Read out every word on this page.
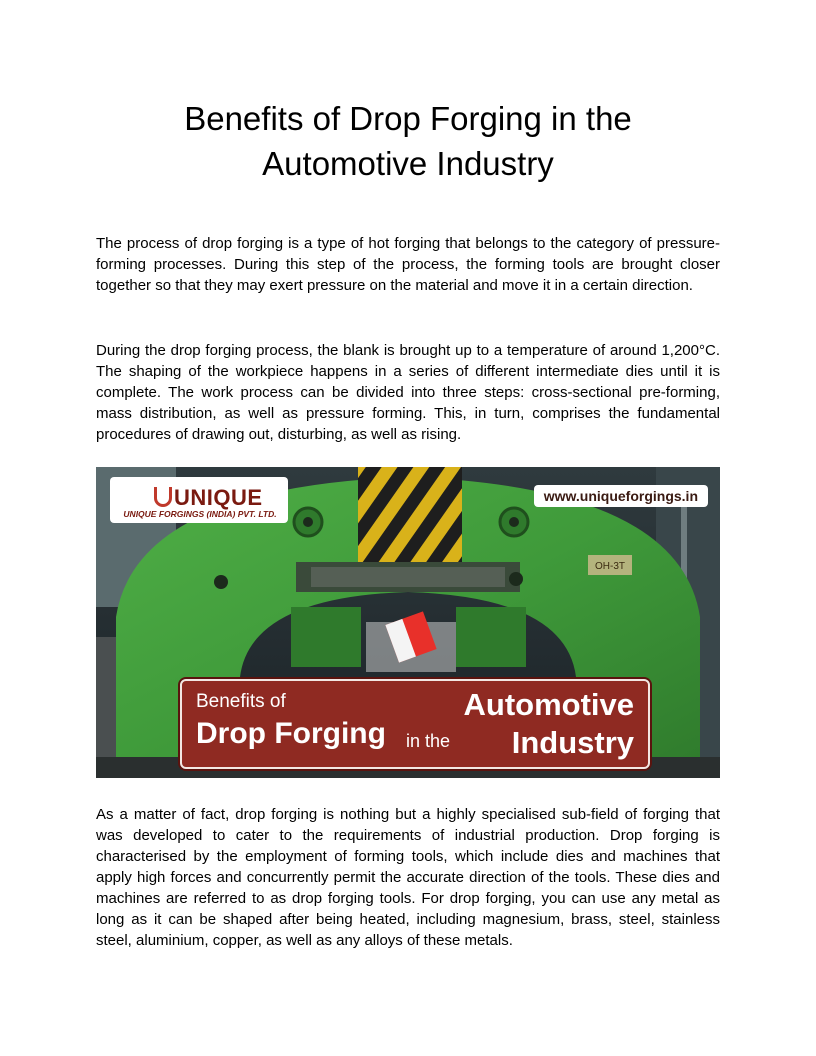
Benefits of Drop Forging in the
Automotive Industry

The process of drop forging is a type of hot forging that belongs to the category of pressure-forming processes. During this step of the process, the forming tools are brought closer together so that they may exert pressure on the material and move it in a certain direction.

During the drop forging process, the blank is brought up to a temperature of around 1,200°C. The shaping of the workpiece happens in a series of different intermediate dies until it is complete. The work process can be divided into three steps: cross-sectional pre-forming, mass distribution, as well as pressure forming. This, in turn, comprises the fundamental procedures of drawing out, disturbing, as well as rising.

OH-3T
UNIQUE
UNIQUE FORGINGS (INDIA) PVT. LTD.
www.uniqueforgings.in
Benefits of
Drop Forging in the
Automotive
Industry

As a matter of fact, drop forging is nothing but a highly specialised sub-field of forging that was developed to cater to the requirements of industrial production. Drop forging is characterised by the employment of forming tools, which include dies and machines that apply high forces and concurrently permit the accurate direction of the tools. These dies and machines are referred to as drop forging tools. For drop forging, you can use any metal as long as it can be shaped after being heated, including magnesium, brass, steel, stainless steel, aluminium, copper, as well as any alloys of these metals.
